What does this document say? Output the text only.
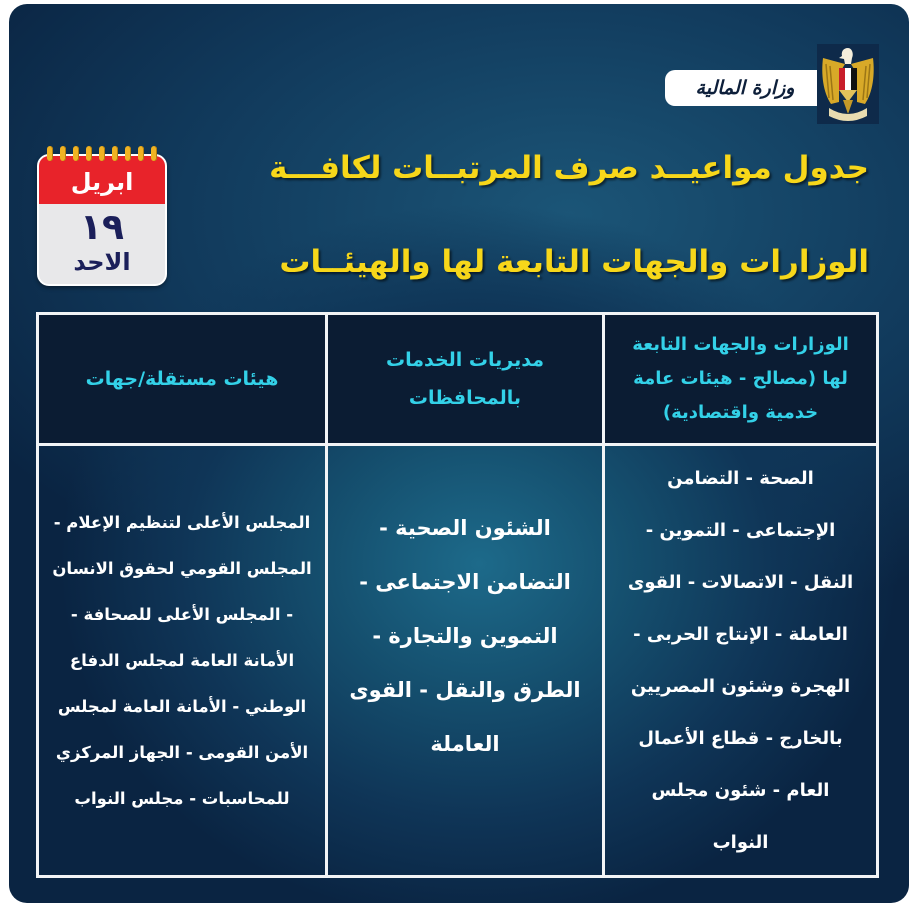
وزارة المالية
جدول مواعيــد صرف المرتبــات لكافـــة
الوزارات والجهات التابعة لها والهيئــات
ابريل
١٩
الاحد
الوزارات والجهات التابعة لها (مصالح - هيئات عامة خدمية واقتصادية)
مديريات الخدمات بالمحافظات
هيئات مستقلة/جهات
الصحة - التضامن الإجتماعى - التموين - النقل - الاتصالات - القوى العاملة - الإنتاج الحربى - الهجرة وشئون المصريين بالخارج - قطاع الأعمال العام - شئون مجلس النواب
الشئون الصحية - التضامن الاجتماعى - التموين والتجارة - الطرق والنقل - القوى العاملة
المجلس الأعلى لتنظيم الإعلام - المجلس القومي لحقوق الانسان - المجلس الأعلى للصحافة - الأمانة العامة لمجلس الدفاع الوطني - الأمانة العامة لمجلس الأمن القومى - الجهاز المركزي للمحاسبات - مجلس النواب
